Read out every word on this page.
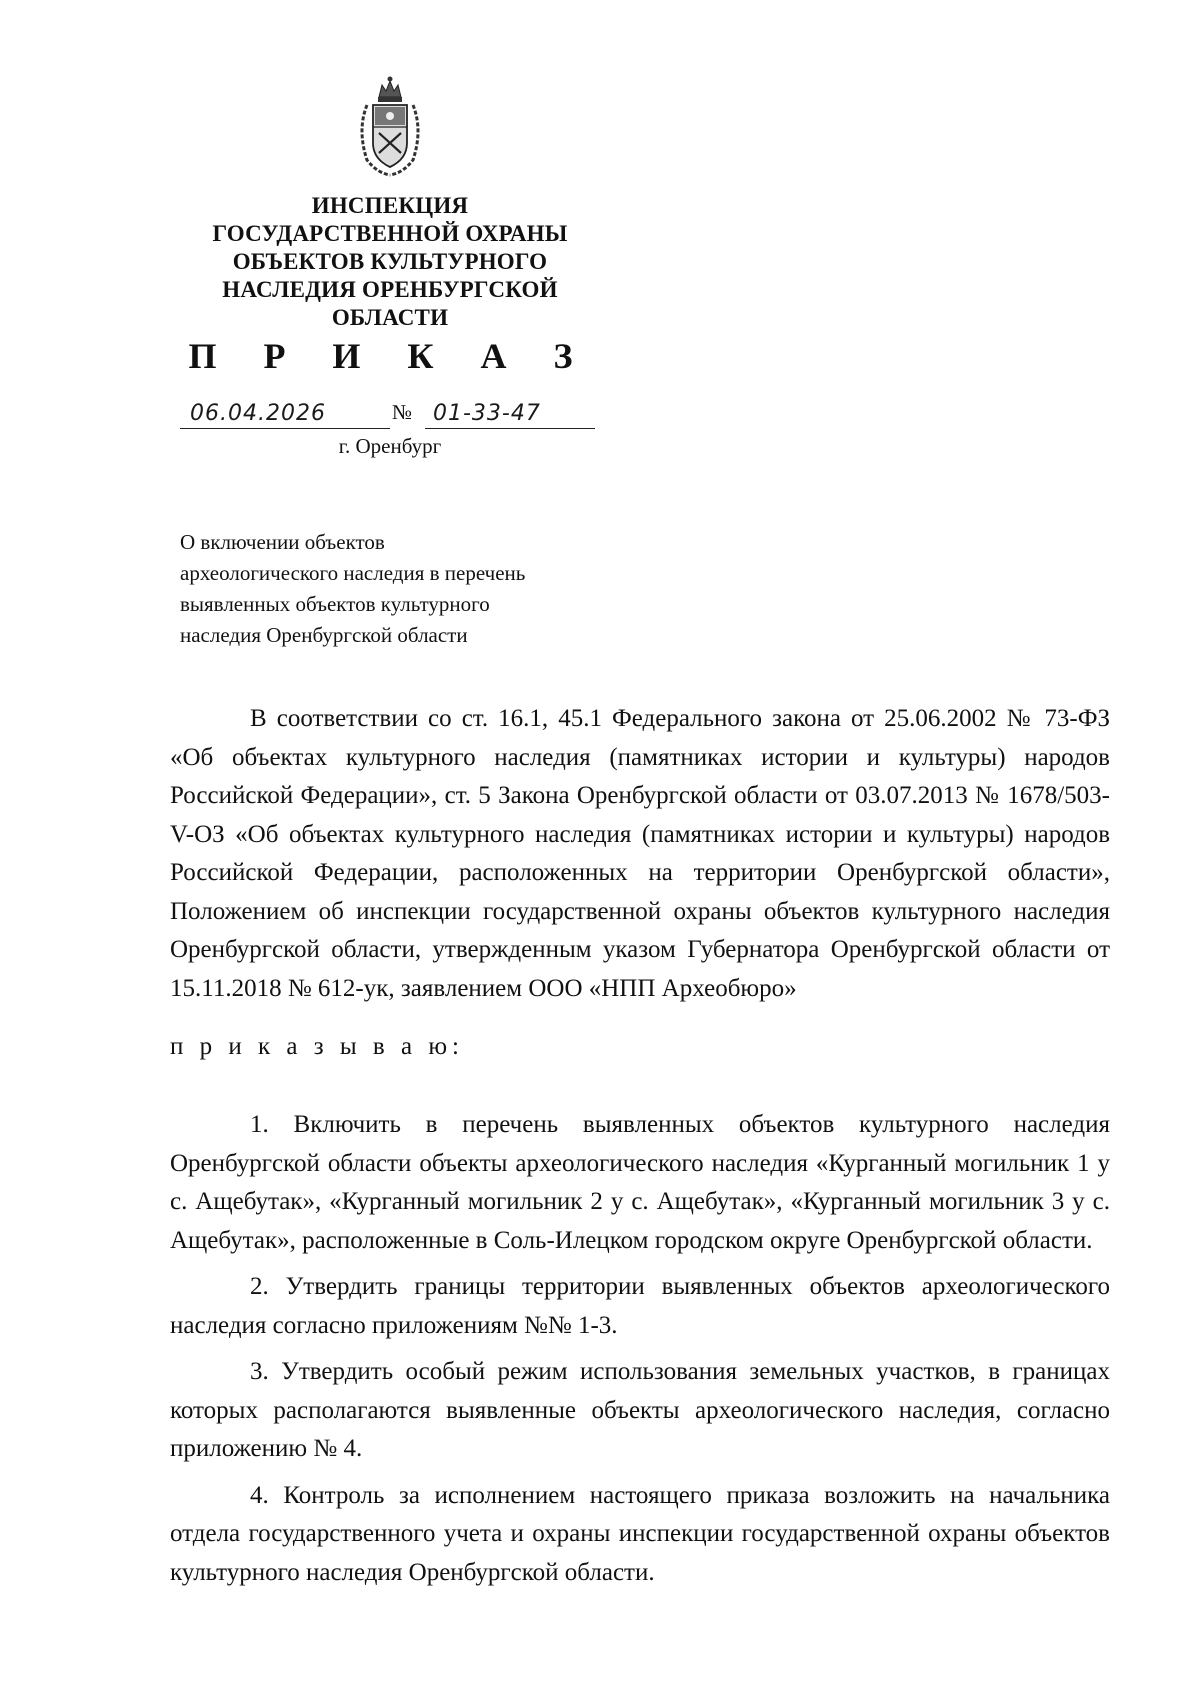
ИНСПЕКЦИЯ
ГОСУДАРСТВЕННОЙ ОХРАНЫ
ОБЪЕКТОВ КУЛЬТУРНОГО
НАСЛЕДИЯ ОРЕНБУРГСКОЙ
ОБЛАСТИ
П Р И К А З
06.04.2026	№ 01-33-47
г. Оренбург
О включении объектов
археологического наследия в перечень
выявленных объектов культурного
наследия Оренбургской области

В соответствии со ст. 16.1, 45.1 Федерального закона от 25.06.2002 № 73-ФЗ «Об объектах культурного наследия (памятниках истории и культуры) народов Российской Федерации», ст. 5 Закона Оренбургской области от 03.07.2013 № 1678/503-V-ОЗ «Об объектах культурного наследия (памятниках истории и культуры) народов Российской Федерации, расположенных на территории Оренбургской области», Положением об инспекции государственной охраны объектов культурного наследия Оренбургской области, утвержденным указом Губернатора Оренбургской области от 15.11.2018 № 612-ук, заявлением ООО «НПП Археобюро»

п р и к а з ы в а ю:

1. Включить в перечень выявленных объектов культурного наследия Оренбургской области объекты археологического наследия «Курганный могильник 1 у с. Ащебутак», «Курганный могильник 2 у с. Ащебутак», «Курганный могильник 3 у с. Ащебутак», расположенные в Соль-Илецком городском округе Оренбургской области.

2. Утвердить границы территории выявленных объектов археологического наследия согласно приложениям №№ 1-3.

3. Утвердить особый режим использования земельных участков, в границах которых располагаются выявленные объекты археологического наследия, согласно приложению № 4.

4. Контроль за исполнением настоящего приказа возложить на начальника отдела государственного учета и охраны инспекции государственной охраны объектов культурного наследия Оренбургской области.
